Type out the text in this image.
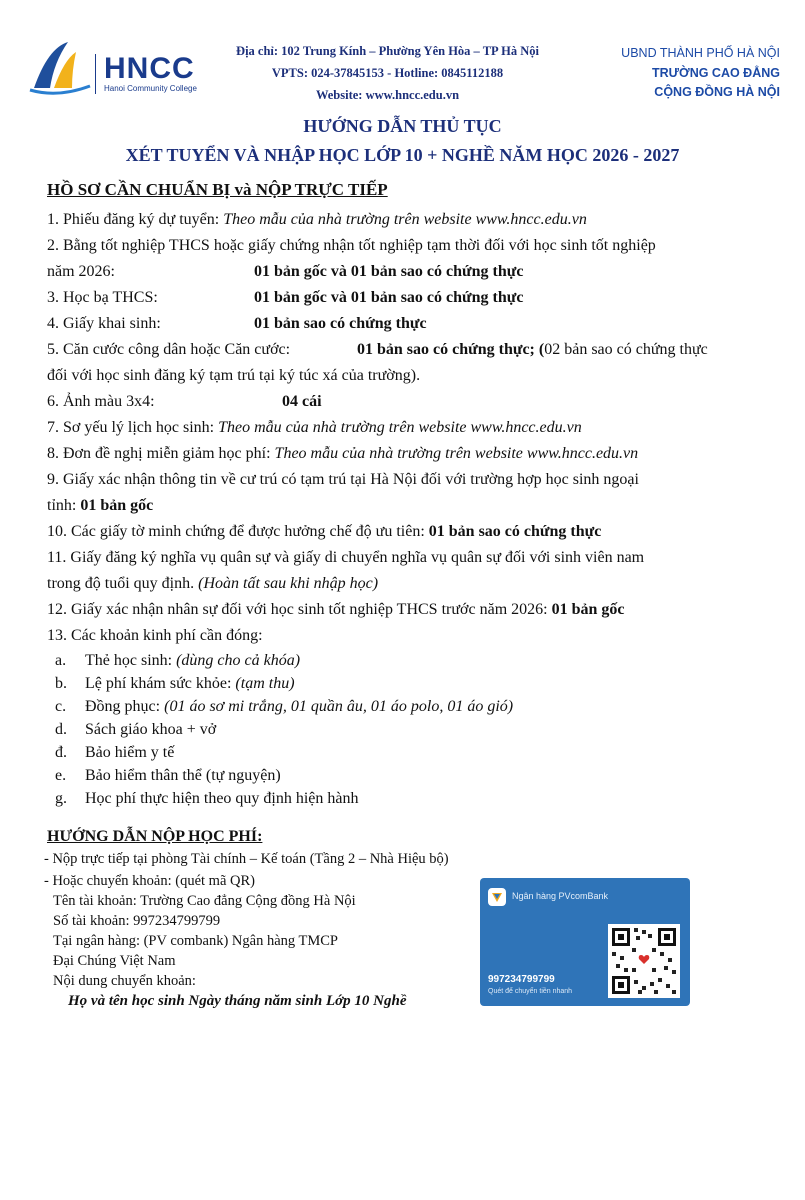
HNCC
Hanoi Community College
Địa chỉ: 102 Trung Kính – Phường Yên Hòa – TP Hà Nội
VPTS: 024-37845153 - Hotline: 0845112188
Website: www.hncc.edu.vn
UBND THÀNH PHỐ HÀ NỘI
TRƯỜNG CAO ĐẲNG
CỘNG ĐỒNG HÀ NỘI
HƯỚNG DẪN THỦ TỤC
XÉT TUYỂN VÀ NHẬP HỌC LỚP 10 + NGHỀ NĂM HỌC 2026 - 2027
HỒ SƠ CẦN CHUẨN BỊ và NỘP TRỰC TIẾP
1. Phiếu đăng ký dự tuyển: Theo mẫu của nhà trường trên website www.hncc.edu.vn
2. Bằng tốt nghiệp THCS hoặc giấy chứng nhận tốt nghiệp tạm thời đối với học sinh tốt nghiệp
năm 2026:	01 bản gốc và 01 bản sao có chứng thực
3. Học bạ THCS:	01 bản gốc và 01 bản sao có chứng thực
4. Giấy khai sinh:	01 bản sao có chứng thực
5. Căn cước công dân hoặc Căn cước:	01 bản sao có chứng thực; (02 bản sao có chứng thực
đối với học sinh đăng ký tạm trú tại ký túc xá của trường).
6. Ảnh màu 3x4:	04 cái
7. Sơ yếu lý lịch học sinh: Theo mẫu của nhà trường trên website www.hncc.edu.vn
8. Đơn đề nghị miễn giảm học phí: Theo mẫu của nhà trường trên website www.hncc.edu.vn
9. Giấy xác nhận thông tin về cư trú có tạm trú tại Hà Nội đối với trường hợp học sinh ngoại
tỉnh: 01 bản gốc
10. Các giấy tờ minh chứng để được hưởng chế độ ưu tiên: 01 bản sao có chứng thực
11. Giấy đăng ký nghĩa vụ quân sự và giấy di chuyển nghĩa vụ quân sự đối với sinh viên nam
trong độ tuổi quy định. (Hoàn tất sau khi nhập học)
12. Giấy xác nhận nhân sự đối với học sinh tốt nghiệp THCS trước năm 2026: 01 bản gốc
13. Các khoản kinh phí cần đóng:
a. Thẻ học sinh: (dùng cho cả khóa)
b. Lệ phí khám sức khỏe: (tạm thu)
c. Đồng phục: (01 áo sơ mi trắng, 01 quần âu, 01 áo polo, 01 áo gió)
d. Sách giáo khoa + vở
đ. Bảo hiểm y tế
e. Bảo hiểm thân thể (tự nguyện)
g. Học phí thực hiện theo quy định hiện hành
HƯỚNG DẪN NỘP HỌC PHÍ:
- Nộp trực tiếp tại phòng Tài chính – Kế toán (Tầng 2 – Nhà Hiệu bộ)
- Hoặc chuyển khoản: (quét mã QR)
Tên tài khoản: Trường Cao đẳng Cộng đồng Hà Nội
Số tài khoản: 997234799799
Tại ngân hàng: (PV combank) Ngân hàng TMCP
Đại Chúng Việt Nam
Nội dung chuyển khoản:
Họ và tên học sinh Ngày tháng năm sinh Lớp 10 Nghề
Ngân hàng PVcomBank
997234799799
Quét để chuyển tiền nhanh
